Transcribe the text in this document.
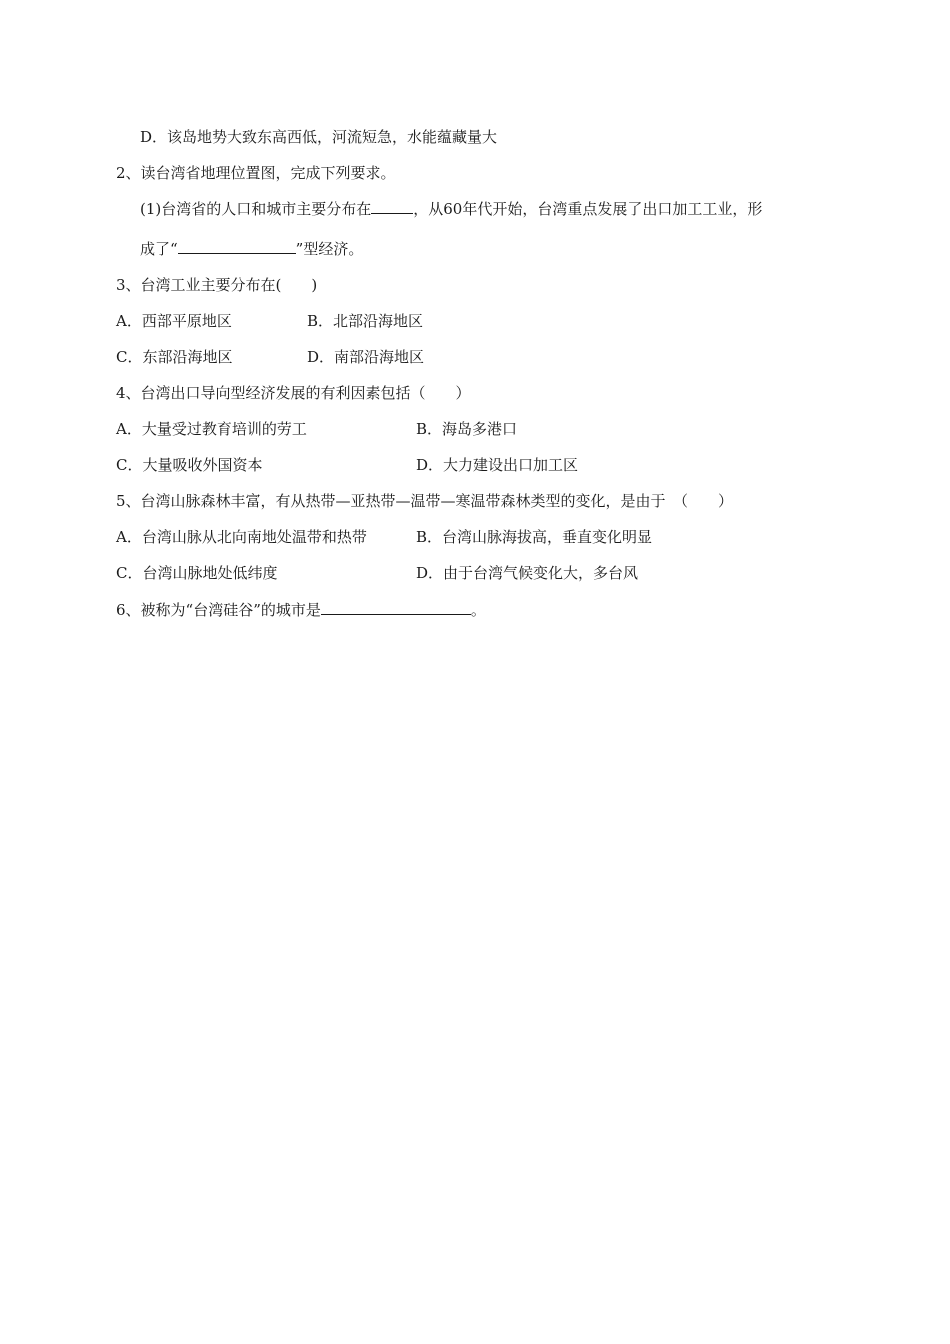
D．该岛地势大致东高西低，河流短急，水能蕴藏量大
2、读台湾省地理位置图，完成下列要求。
(1)台湾省的人口和城市主要分布在	，从60年代开始，台湾重点发展了出口加工工业，形
成了“	”型经济。
3、台湾工业主要分布在(　　)
A．西部平原地区	B．北部沿海地区
C．东部沿海地区	D．南部沿海地区
4、台湾出口导向型经济发展的有利因素包括（　　）
A．大量受过教育培训的劳工	B．海岛多港口
C．大量吸收外国资本	D．大力建设出口加工区
5、台湾山脉森林丰富，有从热带—亚热带—温带—寒温带森林类型的变化，是由于　（　　）
A．台湾山脉从北向南地处温带和热带	B．台湾山脉海拔高，垂直变化明显
C．台湾山脉地处低纬度	D．由于台湾气候变化大，多台风
6、被称为“台湾硅谷”的城市是	。
